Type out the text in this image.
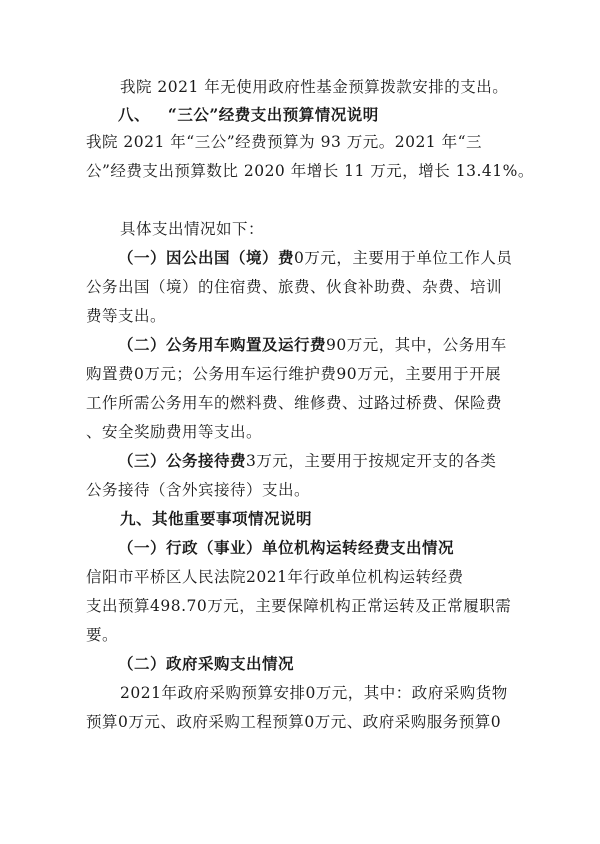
我院 2021 年无使用政府性基金预算拨款安排的支出。
八、 “三公”经费支出预算情况说明
我院 2021 年“三公”经费预算为 93 万元。2021 年“三
公”经费支出预算数比 2020 年增长 11 万元，增长 13.41%。
具体支出情况如下：
（一）因公出国（境）费0万元，主要用于单位工作人员
公务出国（境）的住宿费、旅费、伙食补助费、杂费、培训
费等支出。
（二）公务用车购置及运行费90万元，其中，公务用车
购置费0万元；公务用车运行维护费90万元，主要用于开展
工作所需公务用车的燃料费、维修费、过路过桥费、保险费
、安全奖励费用等支出。
（三）公务接待费3万元，主要用于按规定开支的各类
公务接待（含外宾接待）支出。
九、其他重要事项情况说明
（一）行政（事业）单位机构运转经费支出情况
信阳市平桥区人民法院2021年行政单位机构运转经费
支出预算498.70万元，主要保障机构正常运转及正常履职需
要。
（二）政府采购支出情况
2021年政府采购预算安排0万元，其中：政府采购货物
预算0万元、政府采购工程预算0万元、政府采购服务预算0
